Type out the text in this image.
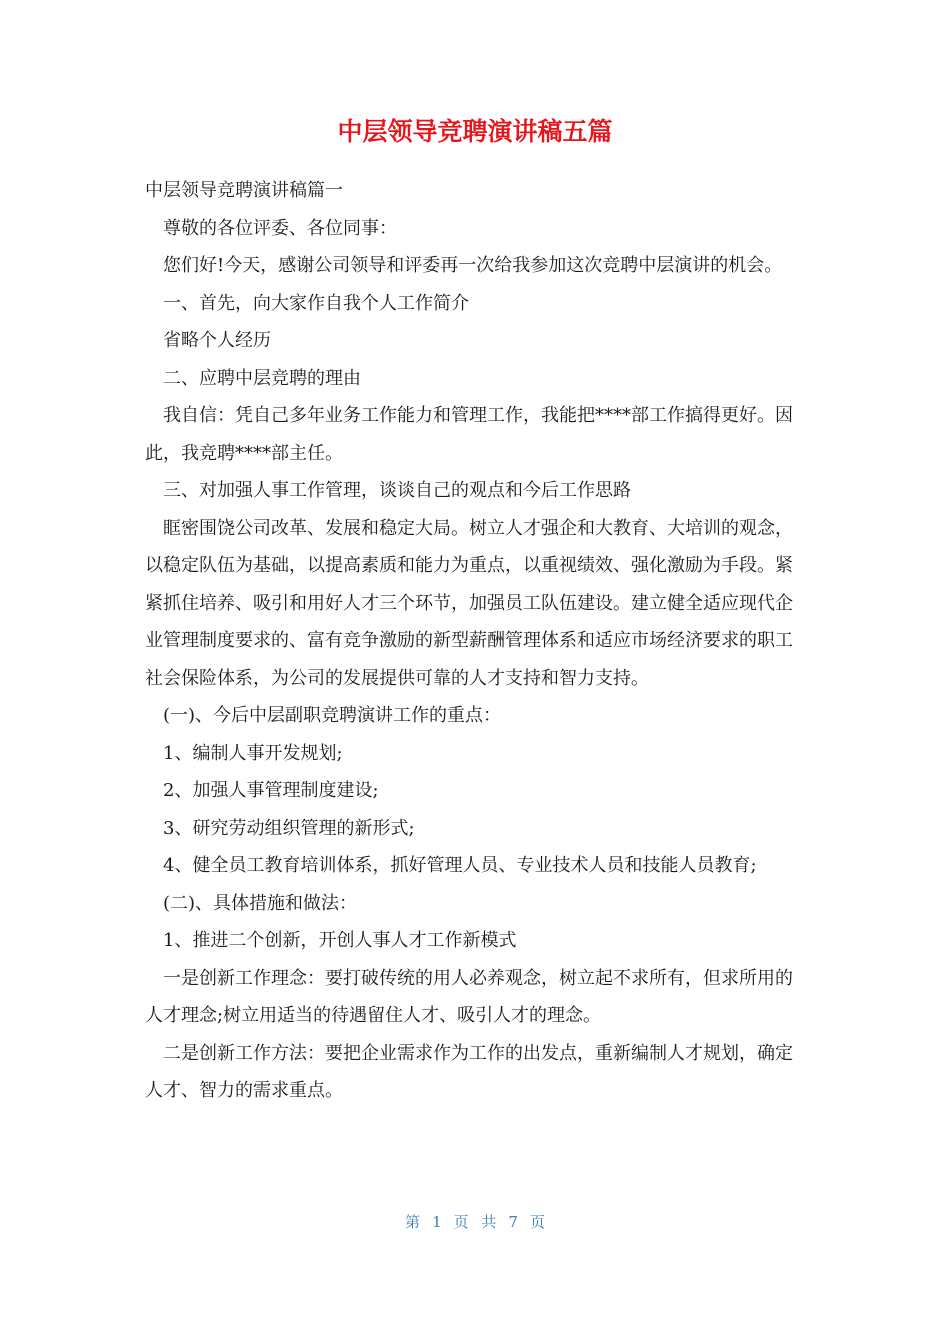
中层领导竞聘演讲稿五篇

中层领导竞聘演讲稿篇一

尊敬的各位评委、各位同事：

您们好!今天，感谢公司领导和评委再一次给我参加这次竞聘中层演讲的机会。

一、首先，向大家作自我个人工作简介

省略个人经历

二、应聘中层竞聘的理由

我自信：凭自己多年业务工作能力和管理工作，我能把****部工作搞得更好。因此，我竞聘****部主任。

三、对加强人事工作管理，谈谈自己的观点和今后工作思路

眶密围饶公司改革、发展和稳定大局。树立人才强企和大教育、大培训的观念，以稳定队伍为基础，以提高素质和能力为重点，以重视绩效、强化激励为手段。紧紧抓住培养、吸引和用好人才三个环节，加强员工队伍建设。建立健全适应现代企业管理制度要求的、富有竞争激励的新型薪酬管理体系和适应市场经济要求的职工社会保险体系，为公司的发展提供可靠的人才支持和智力支持。

(一)、今后中层副职竞聘演讲工作的重点：

1、编制人事开发规划;

2、加强人事管理制度建设;

3、研究劳动组织管理的新形式;

4、健全员工教育培训体系，抓好管理人员、专业技术人员和技能人员教育;

(二)、具体措施和做法：

1、推进二个创新，开创人事人才工作新模式

一是创新工作理念：要打破传统的用人必养观念，树立起不求所有，但求所用的人才理念;树立用适当的待遇留住人才、吸引人才的理念。

二是创新工作方法：要把企业需求作为工作的出发点，重新编制人才规划，确定人才、智力的需求重点。

第 1 页 共 7 页
